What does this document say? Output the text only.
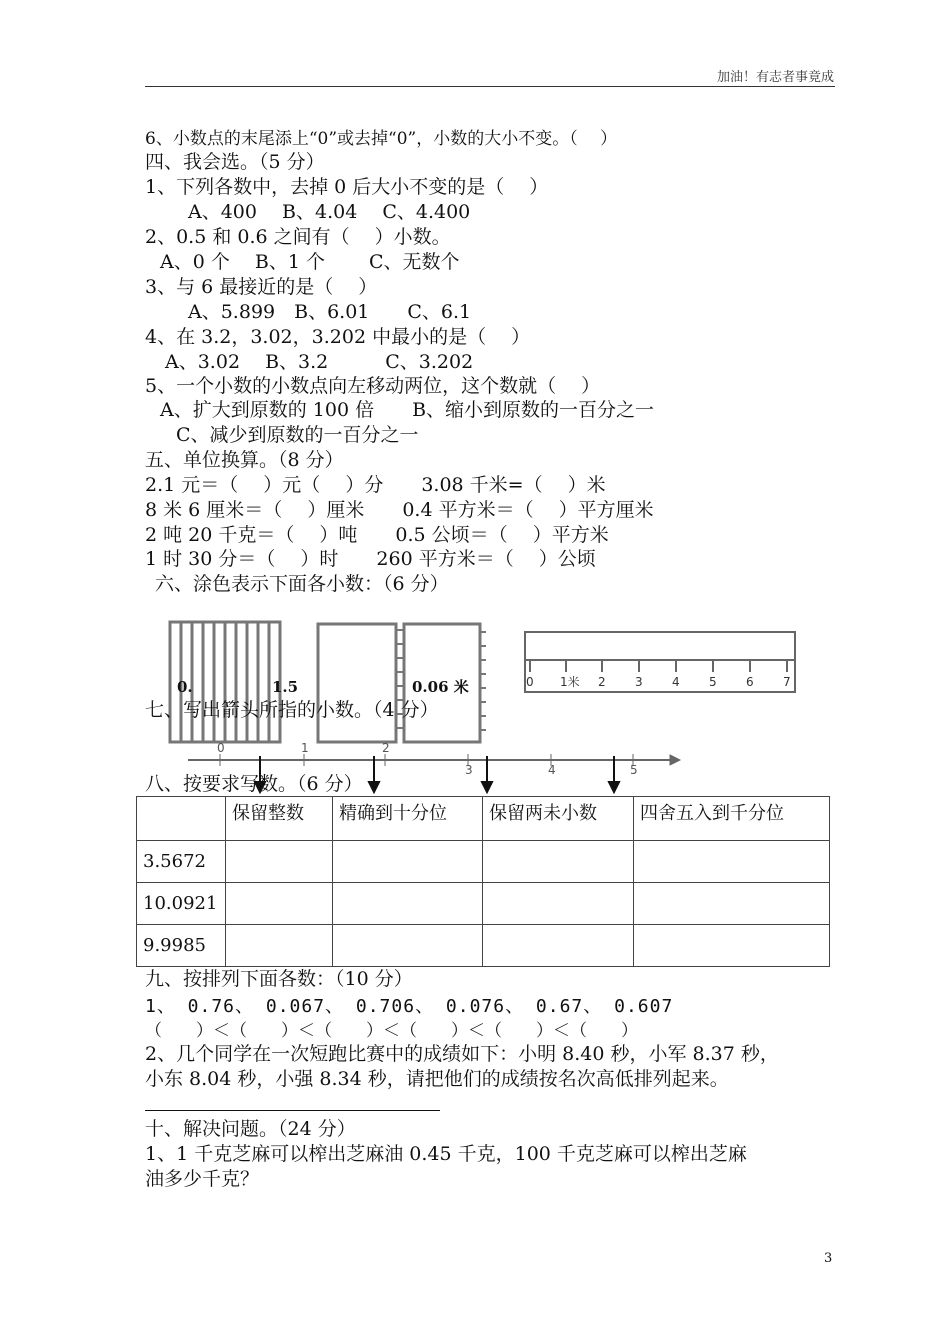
加油！有志者事竟成
6、小数点的末尾添上“0”或去掉“0”，小数的大小不变。（　 ）
四、我会选。（5 分）
1、下列各数中，去掉 0 后大小不变的是（　 ）
A、400　 B、4.04　 C、4.400
2、0.5 和 0.6 之间有（　 ）小数。
A、0 个　 B、1 个　　 C、无数个
3、与 6 最接近的是（　 ）
A、5.899　B、6.01　　C、6.1
4、在 3.2，3.02，3.202 中最小的是（　 ）
A、3.02　 B、3.2　　　C、3.202
5、一个小数的小数点向左移动两位，这个数就（　 ）
A、扩大到原数的 100 倍　　B、缩小到原数的一百分之一
C、减少到原数的一百分之一
五、单位换算。（8 分）
2.1 元＝（　 ）元（　 ）分　　3.08 千米=（　 ）米
8 米 6 厘米＝（　 ）厘米　　0.4 平方米＝（　 ）平方厘米
2 吨 20 千克＝（　 ）吨　　0.5 公顷＝（　 ）平方米
1 时 30 分＝（　 ）时　　260 平方米＝（　 ）公顷
六、涂色表示下面各小数：（6 分）
0.	1.5	0.06 米	0 1米 2 3 4 5 6 7
0	1	2
3	4	5
七、写出箭头所指的小数。（4 分）
八、按要求写数。（6 分）
	保留整数	精确到十分位	保留两未小数	四舍五入到千分位
3.5672				
10.0921				
9.9985				
九、按排列下面各数：（10 分）
1、 0.76、 0.067、 0.706、 0.076、 0.67、 0.607
（　　）＜（　　）＜（　　）＜（　　）＜（　　）＜（　　）
2、几个同学在一次短跑比赛中的成绩如下：小明 8.40 秒，小军 8.37 秒，
小东 8.04 秒，小强 8.34 秒，请把他们的成绩按名次高低排列起来。
十、解决问题。（24 分）
1、1 千克芝麻可以榨出芝麻油 0.45 千克，100 千克芝麻可以榨出芝麻
油多少千克？
3
